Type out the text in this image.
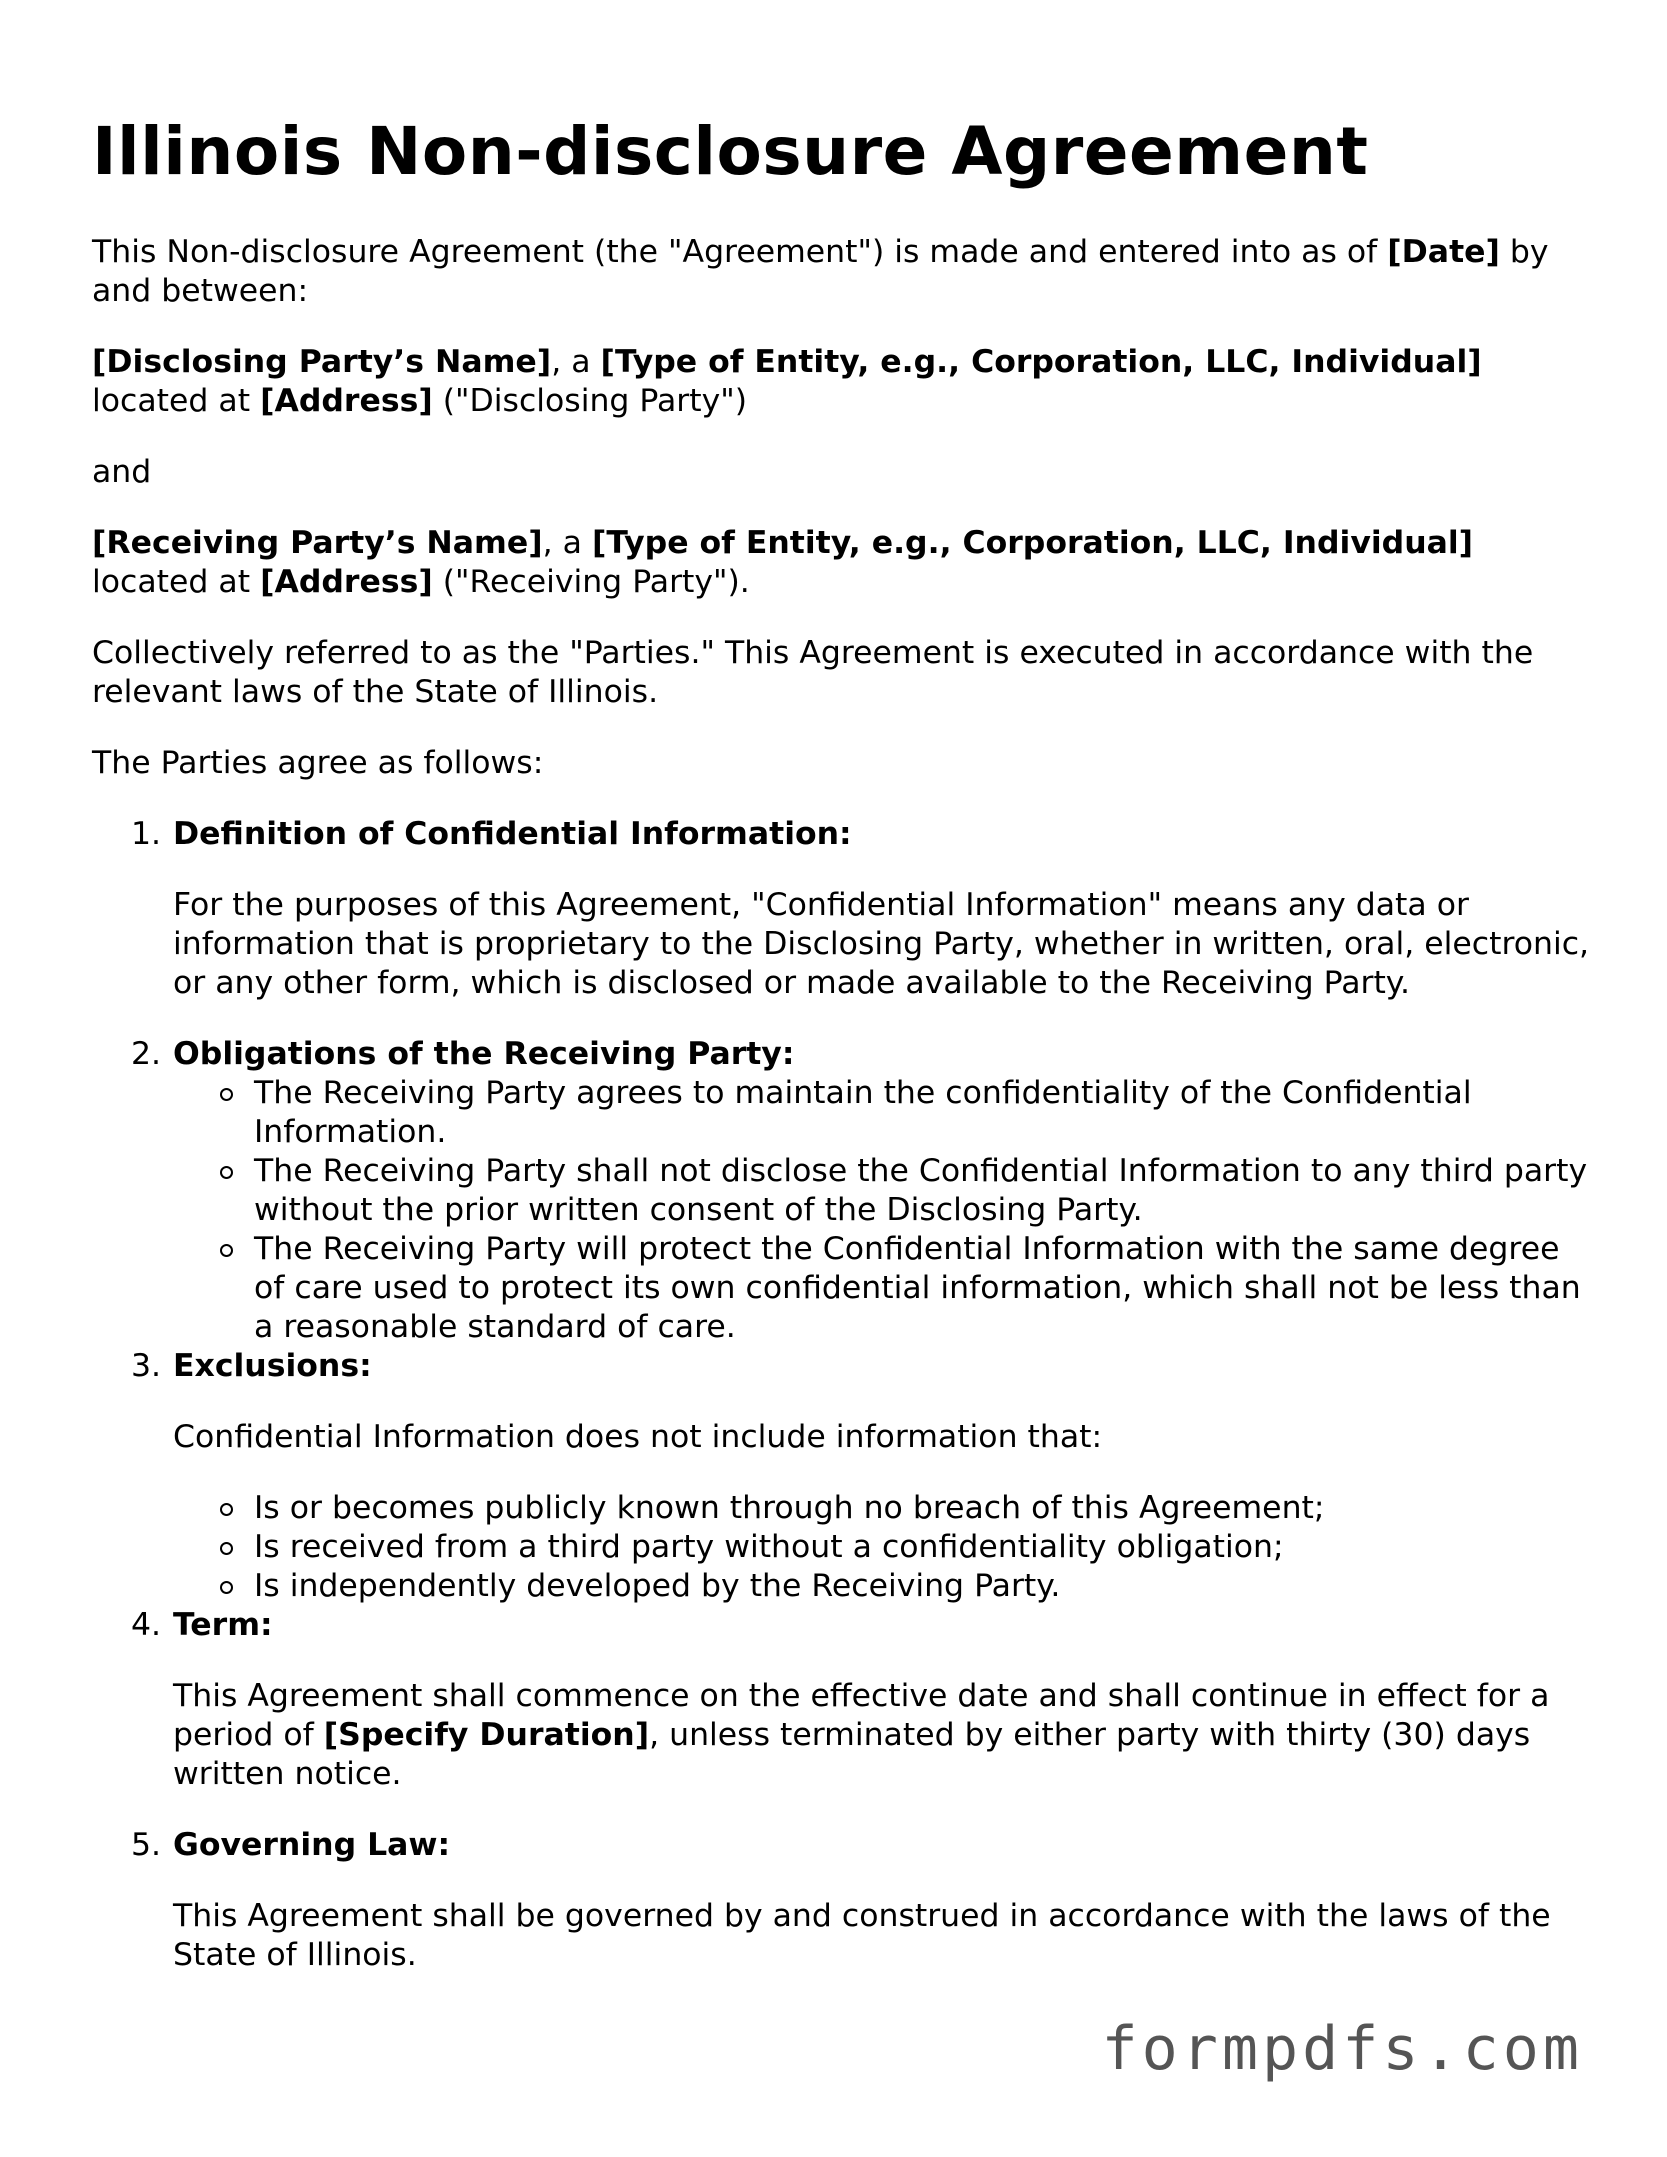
Illinois Non-disclosure Agreement

This Non-disclosure Agreement (the "Agreement") is made and entered into as of [Date] by and between:

[Disclosing Party’s Name], a [Type of Entity, e.g., Corporation, LLC, Individual] located at [Address] ("Disclosing Party")

and

[Receiving Party’s Name], a [Type of Entity, e.g., Corporation, LLC, Individual] located at [Address] ("Receiving Party").

Collectively referred to as the "Parties." This Agreement is executed in accordance with the relevant laws of the State of Illinois.

The Parties agree as follows:

1. Definition of Confidential Information:
For the purposes of this Agreement, "Confidential Information" means any data or information that is proprietary to the Disclosing Party, whether in written, oral, electronic, or any other form, which is disclosed or made available to the Receiving Party.
2. Obligations of the Receiving Party:
The Receiving Party agrees to maintain the confidentiality of the Confidential Information.
The Receiving Party shall not disclose the Confidential Information to any third party without the prior written consent of the Disclosing Party.
The Receiving Party will protect the Confidential Information with the same degree of care used to protect its own confidential information, which shall not be less than a reasonable standard of care.
3. Exclusions:
Confidential Information does not include information that:
Is or becomes publicly known through no breach of this Agreement;
Is received from a third party without a confidentiality obligation;
Is independently developed by the Receiving Party.
4. Term:
This Agreement shall commence on the effective date and shall continue in effect for a period of [Specify Duration], unless terminated by either party with thirty (30) days written notice.
5. Governing Law:
This Agreement shall be governed by and construed in accordance with the laws of the State of Illinois.
formpdfs.com
